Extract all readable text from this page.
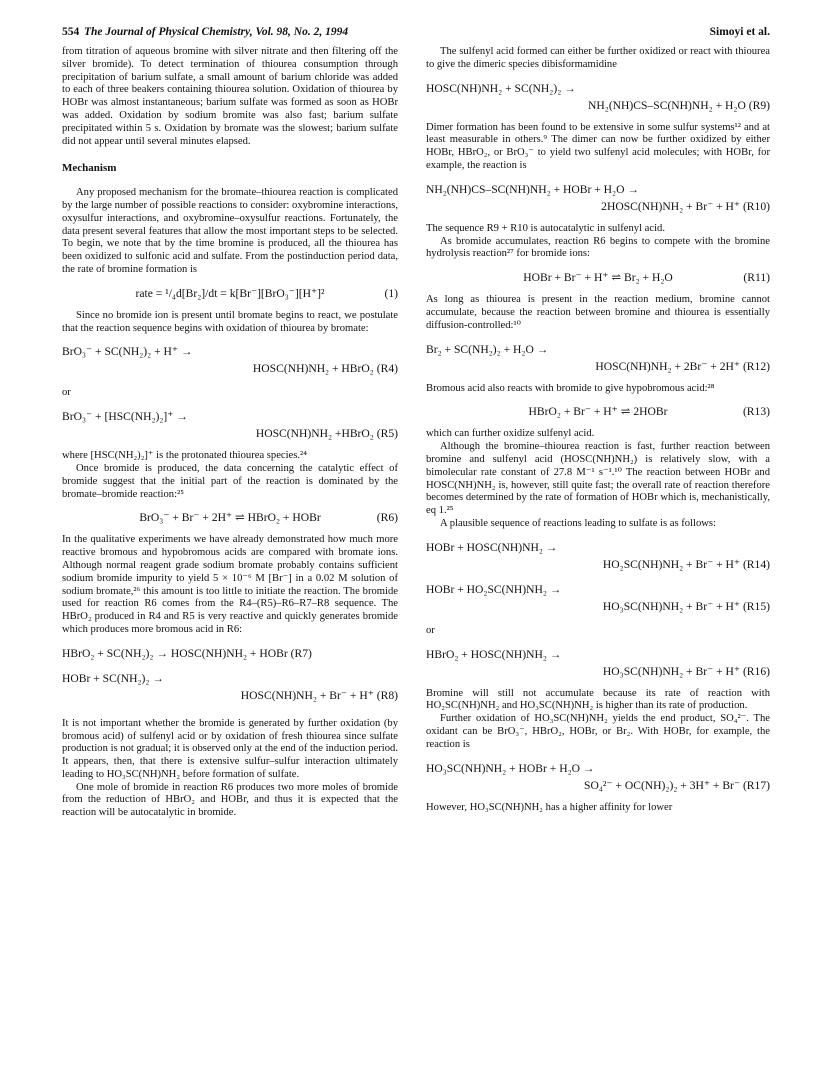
554 The Journal of Physical Chemistry, Vol. 98, No. 2, 1994	Simoyi et al.

from titration of aqueous bromine with silver nitrate and then filtering off the silver bromide). To detect termination of thiourea consumption through precipitation of barium sulfate, a small amount of barium chloride was added to each of three beakers containing thiourea solution. Oxidation of thiourea by HOBr was almost instantaneous; barium sulfate was formed as soon as HOBr was added. Oxidation by sodium bromite was also fast; barium sulfate precipitated within 5 s. Oxidation by bromate was the slowest; barium sulfate did not appear until several minutes elapsed.

Mechanism

Any proposed mechanism for the bromate–thiourea reaction is complicated by the large number of possible reactions to consider: oxybromine interactions, oxysulfur interactions, and oxybromine–oxysulfur reactions. Fortunately, the data present several features that allow the most important steps to be selected. To begin, we note that by the time bromine is produced, all the thiourea has been oxidized to sulfonic acid and sulfate. From the postinduction period data, the rate of bromine formation is

rate = ¹/₄d[Br₂]/dt = k[Br⁻][BrO₃⁻][H⁺]²	(1)

Since no bromide ion is present until bromate begins to react, we postulate that the reaction sequence begins with oxidation of thiourea by bromate:

BrO₃⁻ + SC(NH₂)₂ + H⁺ →
HOSC(NH)NH₂ + HBrO₂ (R4)
or
BrO₃⁻ + [HSC(NH₂)₂]⁺ →
HOSC(NH)NH₂ +HBrO₂ (R5)

where [HSC(NH₂)₂]⁺ is the protonated thiourea species.²⁴

Once bromide is produced, the data concerning the catalytic effect of bromide suggest that the initial part of the reaction is dominated by the bromate–bromide reaction:²⁵

BrO₃⁻ + Br⁻ + 2H⁺ ⇌ HBrO₂ + HOBr	(R6)

In the qualitative experiments we have already demonstrated how much more reactive bromous and hypobromous acids are compared with bromate ions. Although normal reagent grade sodium bromate probably contains sufficient sodium bromide impurity to yield 5 × 10⁻⁶ M [Br⁻] in a 0.02 M solution of sodium bromate,²⁶ this amount is too little to initiate the reaction. The bromide used for reaction R6 comes from the R4–(R5)–R6–R7–R8 sequence. The HBrO₂ produced in R4 and R5 is very reactive and quickly generates bromide which produces more bromous acid in R6:

HBrO₂ + SC(NH₂)₂ → HOSC(NH)NH₂ + HOBr (R7)
HOBr + SC(NH₂)₂ →
HOSC(NH)NH₂ + Br⁻ + H⁺ (R8)

It is not important whether the bromide is generated by further oxidation (by bromous acid) of sulfenyl acid or by oxidation of fresh thiourea since sulfate production is not gradual; it is observed only at the end of the induction period. It appears, then, that there is extensive sulfur–sulfur interaction ultimately leading to HO₃SC(NH)NH₂ before formation of sulfate.

One mole of bromide in reaction R6 produces two more moles of bromide from the reduction of HBrO₂ and HOBr, and thus it is expected that the reaction will be autocatalytic in bromide.

The sulfenyl acid formed can either be further oxidized or react with thiourea to give the dimeric species dibisformamidine

HOSC(NH)NH₂ + SC(NH₂)₂ →
NH₂(NH)CS–SC(NH)NH₂ + H₂O (R9)

Dimer formation has been found to be extensive in some sulfur systems¹² and at least measurable in others.⁹ The dimer can now be further oxidized by either HOBr, HBrO₂, or BrO₃⁻ to yield two sulfenyl acid molecules; with HOBr, for example, the reaction is

NH₂(NH)CS–SC(NH)NH₂ + HOBr + H₂O →
2HOSC(NH)NH₂ + Br⁻ + H⁺ (R10)

The sequence R9 + R10 is autocatalytic in sulfenyl acid.

As bromide accumulates, reaction R6 begins to compete with the bromine hydrolysis reaction²⁷ for bromide ions:

HOBr + Br⁻ + H⁺ ⇌ Br₂ + H₂O	(R11)

As long as thiourea is present in the reaction medium, bromine cannot accumulate, because the reaction between bromine and thiourea is essentially diffusion-controlled:¹⁰

Br₂ + SC(NH₂)₂ + H₂O →
HOSC(NH)NH₂ + 2Br⁻ + 2H⁺ (R12)

Bromous acid also reacts with bromide to give hypobromous acid:²⁸

HBrO₂ + Br⁻ + H⁺ ⇌ 2HOBr	(R13)

which can further oxidize sulfenyl acid.

Although the bromine–thiourea reaction is fast, further reaction between bromine and sulfenyl acid (HOSC(NH)NH₂) is relatively slow, with a bimolecular rate constant of 27.8 M⁻¹ s⁻¹.¹⁰ The reaction between HOBr and HOSC(NH)NH₂ is, however, still quite fast; the overall rate of reaction therefore becomes determined by the rate of formation of HOBr which is, mechanistically, eq 1.²⁵

A plausible sequence of reactions leading to sulfate is as follows:

HOBr + HOSC(NH)NH₂ →
HO₂SC(NH)NH₂ + Br⁻ + H⁺ (R14)
HOBr + HO₂SC(NH)NH₂ →
HO₃SC(NH)NH₂ + Br⁻ + H⁺ (R15)
or
HBrO₂ + HOSC(NH)NH₂ →
HO₃SC(NH)NH₂ + Br⁻ + H⁺ (R16)

Bromine will still not accumulate because its rate of reaction with HO₂SC(NH)NH₂ and HO₃SC(NH)NH₂ is higher than its rate of production.

Further oxidation of HO₃SC(NH)NH₂ yields the end product, SO₄²⁻. The oxidant can be BrO₃⁻, HBrO₂, HOBr, or Br₂. With HOBr, for example, the reaction is

HO₃SC(NH)NH₂ + HOBr + H₂O →
SO₄²⁻ + OC(NH)₂)₂ + 3H⁺ + Br⁻ (R17)

However, HO₃SC(NH)NH₂ has a higher affinity for lower
